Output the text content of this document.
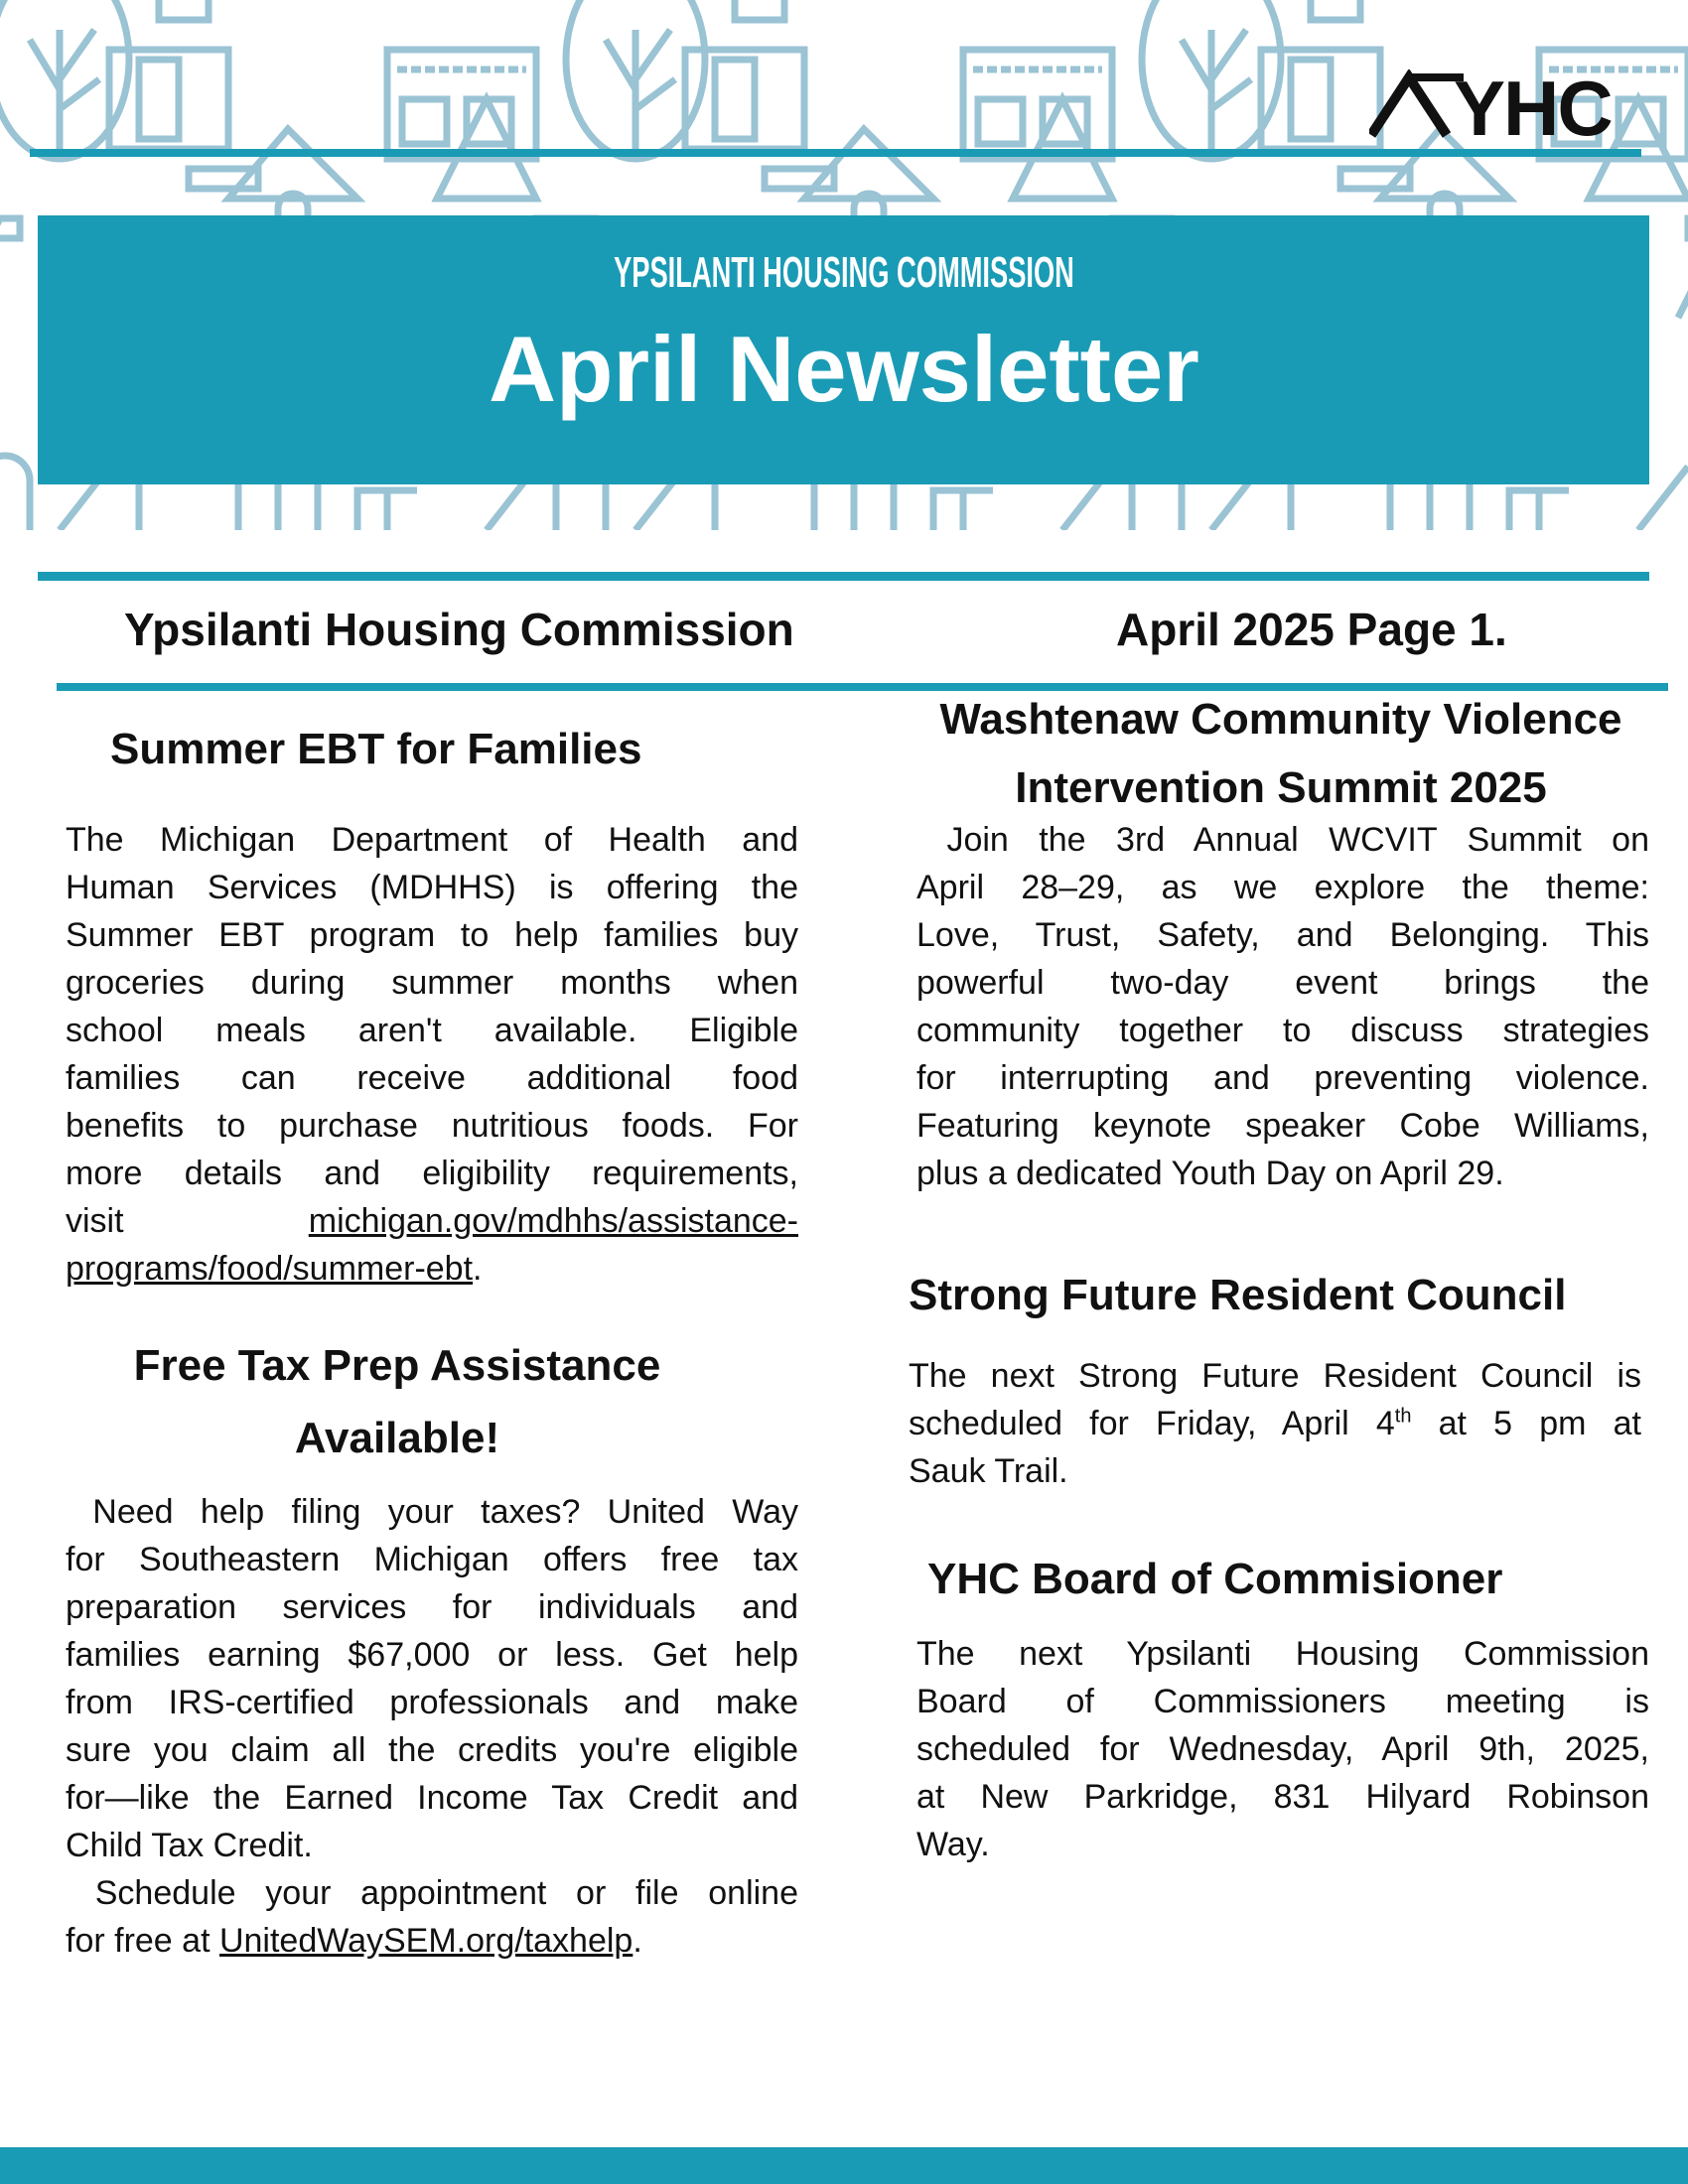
YHC
YPSILANTI HOUSING COMMISSION
April Newsletter
Ypsilanti Housing Commission	April 2025 Page 1.
Summer EBT for Families
The Michigan Department of Health and
Human Services (MDHHS) is offering the
Summer EBT program to help families buy
groceries during summer months when
school meals aren't available. Eligible
families can receive additional food
benefits to purchase nutritious foods. For
more details and eligibility requirements,
visit	michigan.gov/mdhhs/assistance-
programs/food/summer-ebt.
Free Tax Prep Assistance
Available!
Need help filing your taxes? United Way
for Southeastern Michigan offers free tax
preparation services for individuals and
families earning $67,000 or less. Get help
from IRS-certified professionals and make
sure you claim all the credits you're eligible
for—like the Earned Income Tax Credit and
Child Tax Credit.
Schedule your appointment or file online
for free at UnitedWaySEM.org/taxhelp.
Washtenaw Community Violence
Intervention Summit 2025
Join the 3rd Annual WCVIT Summit on
April 28–29, as we explore the theme:
Love, Trust, Safety, and Belonging. This
powerful two-day event brings the
community together to discuss strategies
for interrupting and preventing violence.
Featuring keynote speaker Cobe Williams,
plus a dedicated Youth Day on April 29.
Strong Future Resident Council
The next Strong Future Resident Council is
scheduled for Friday, April 4th at 5 pm at
Sauk Trail.
YHC Board of Commisioner
The next Ypsilanti Housing Commission
Board of Commissioners meeting is
scheduled for Wednesday, April 9th, 2025,
at New Parkridge, 831 Hilyard Robinson
Way.
